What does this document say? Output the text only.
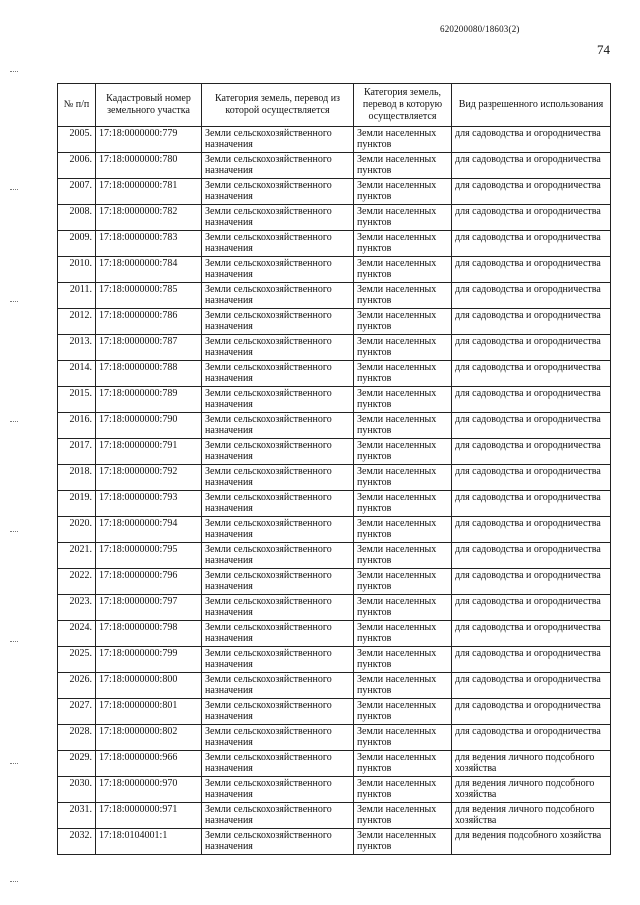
620200080/18603(2)
74
№ п/п	Кадастровый номер земельного участка	Категория земель, перевод из которой осуществляется	Категория земель, перевод в которую осуществляется	Вид разрешенного использования
2005.	17:18:0000000:779	Земли сельскохозяйственного назначения	Земли населенных пунктов	для садоводства и огородничества
2006.	17:18:0000000:780	Земли сельскохозяйственного назначения	Земли населенных пунктов	для садоводства и огородничества
2007.	17:18:0000000:781	Земли сельскохозяйственного назначения	Земли населенных пунктов	для садоводства и огородничества
2008.	17:18:0000000:782	Земли сельскохозяйственного назначения	Земли населенных пунктов	для садоводства и огородничества
2009.	17:18:0000000:783	Земли сельскохозяйственного назначения	Земли населенных пунктов	для садоводства и огородничества
2010.	17:18:0000000:784	Земли сельскохозяйственного назначения	Земли населенных пунктов	для садоводства и огородничества
2011.	17:18:0000000:785	Земли сельскохозяйственного назначения	Земли населенных пунктов	для садоводства и огородничества
2012.	17:18:0000000:786	Земли сельскохозяйственного назначения	Земли населенных пунктов	для садоводства и огородничества
2013.	17:18:0000000:787	Земли сельскохозяйственного назначения	Земли населенных пунктов	для садоводства и огородничества
2014.	17:18:0000000:788	Земли сельскохозяйственного назначения	Земли населенных пунктов	для садоводства и огородничества
2015.	17:18:0000000:789	Земли сельскохозяйственного назначения	Земли населенных пунктов	для садоводства и огородничества
2016.	17:18:0000000:790	Земли сельскохозяйственного назначения	Земли населенных пунктов	для садоводства и огородничества
2017.	17:18:0000000:791	Земли сельскохозяйственного назначения	Земли населенных пунктов	для садоводства и огородничества
2018.	17:18:0000000:792	Земли сельскохозяйственного назначения	Земли населенных пунктов	для садоводства и огородничества
2019.	17:18:0000000:793	Земли сельскохозяйственного назначения	Земли населенных пунктов	для садоводства и огородничества
2020.	17:18:0000000:794	Земли сельскохозяйственного назначения	Земли населенных пунктов	для садоводства и огородничества
2021.	17:18:0000000:795	Земли сельскохозяйственного назначения	Земли населенных пунктов	для садоводства и огородничества
2022.	17:18:0000000:796	Земли сельскохозяйственного назначения	Земли населенных пунктов	для садоводства и огородничества
2023.	17:18:0000000:797	Земли сельскохозяйственного назначения	Земли населенных пунктов	для садоводства и огородничества
2024.	17:18:0000000:798	Земли сельскохозяйственного назначения	Земли населенных пунктов	для садоводства и огородничества
2025.	17:18:0000000:799	Земли сельскохозяйственного назначения	Земли населенных пунктов	для садоводства и огородничества
2026.	17:18:0000000:800	Земли сельскохозяйственного назначения	Земли населенных пунктов	для садоводства и огородничества
2027.	17:18:0000000:801	Земли сельскохозяйственного назначения	Земли населенных пунктов	для садоводства и огородничества
2028.	17:18:0000000:802	Земли сельскохозяйственного назначения	Земли населенных пунктов	для садоводства и огородничества
2029.	17:18:0000000:966	Земли сельскохозяйственного назначения	Земли населенных пунктов	для ведения личного подсобного хозяйства
2030.	17:18:0000000:970	Земли сельскохозяйственного назначения	Земли населенных пунктов	для ведения личного подсобного хозяйства
2031.	17:18:0000000:971	Земли сельскохозяйственного назначения	Земли населенных пунктов	для ведения личного подсобного хозяйства
2032.	17:18:0104001:1	Земли сельскохозяйственного назначения	Земли населенных пунктов	для ведения подсобного хозяйства
